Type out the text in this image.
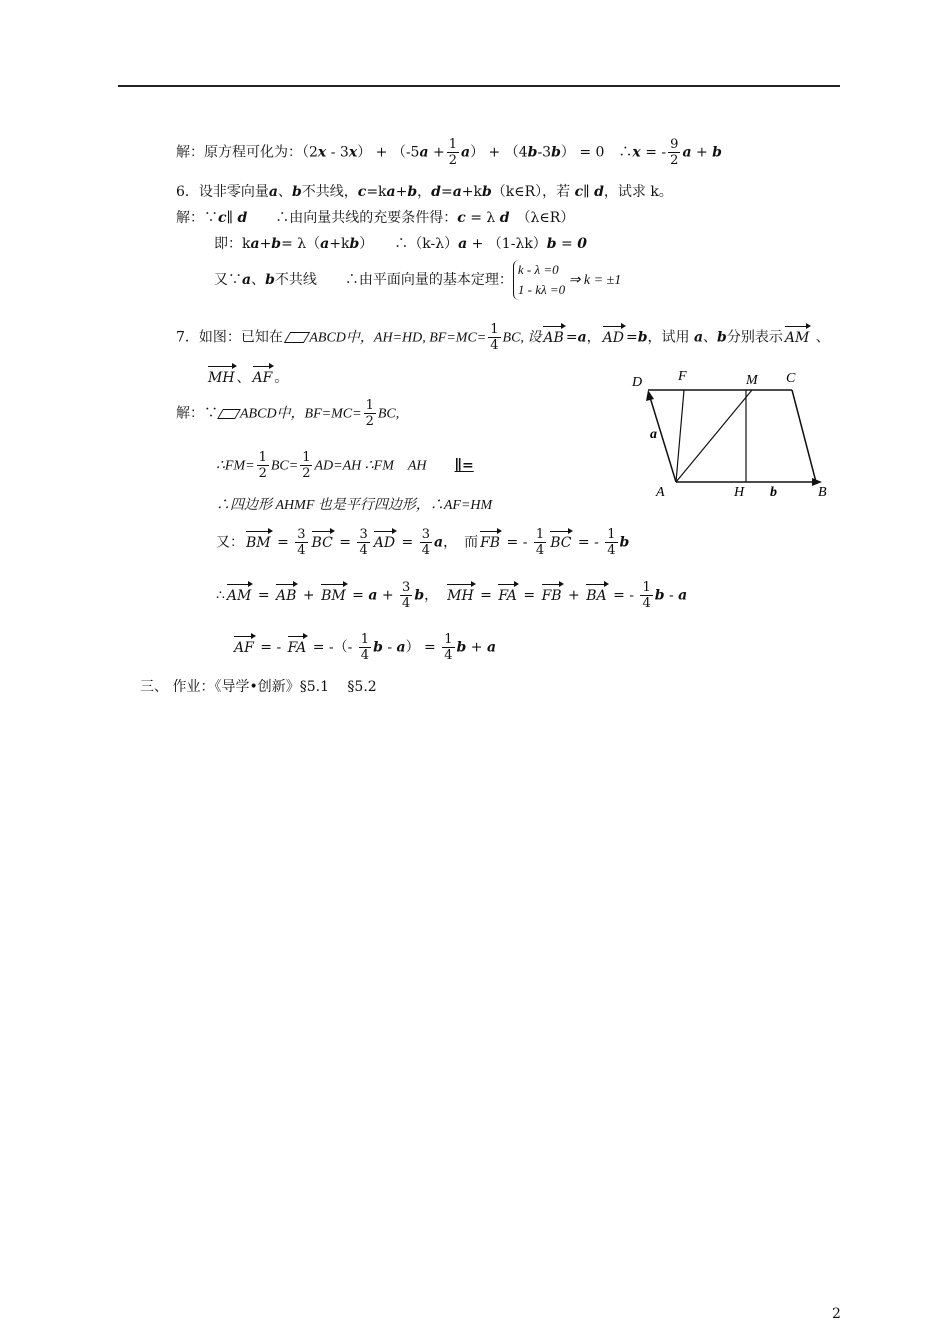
解：原方程可化为：$(2x - 3x) + (-5a + \frac{1}{2} a) + (4b-3b) = 0$　∴x = - $\frac{9}{2}$ a + b
6．设非零向量a、b不共线，c=ka+b，d=a+kb（k∈R），若 c∥ d，试求 k。
解：∵c∥ d　　∴由向量共线的充要条件得：c = λ d　（λ∈R）
即：ka+b= λ（a+kb）　　∴（k-λ）a + （1-λk）b = 0
又∵a、b不共线　　∴由平面向量的基本定理：
k - λ =0
1 - kλ =0
⇒ k = ±1
7．如图：已知在 ABCD中，AH=HD, $BF=MC= \frac{1}{4}$ BC, 设 AB =a， AD =b，试用 a、b分别表示 AM 、
MH 、 AF 。
解：∵ ABCD中，$BF=MC= \frac{1}{2}$ BC,
∴FM= $\frac{1}{2} BC= \frac{1}{2} AD=AH$ ∴FM　AH　　∥=
∴四边形 AHMF 也是平行四边形，∴AF=HM
又： BM = $\frac{3}{4}$ BC = $\frac{3}{4}$ AD = $\frac{3}{4}$ a，　而 FB = - $\frac{1}{4}$ BC = - $\frac{1}{4}$ b
∴ AM = AB + BM = $a + \frac{3}{4}$ b，　MH = FA = FB + BA = - $\frac{1}{4}$ b - a
AF = - FA = -（- $\frac{1}{4}$ $b - a) = \frac{1}{4}$ b + a
三、 作业：《导学•创新》§5.1　 §5.2
D	F	M C
A	H	B
a
b
2
